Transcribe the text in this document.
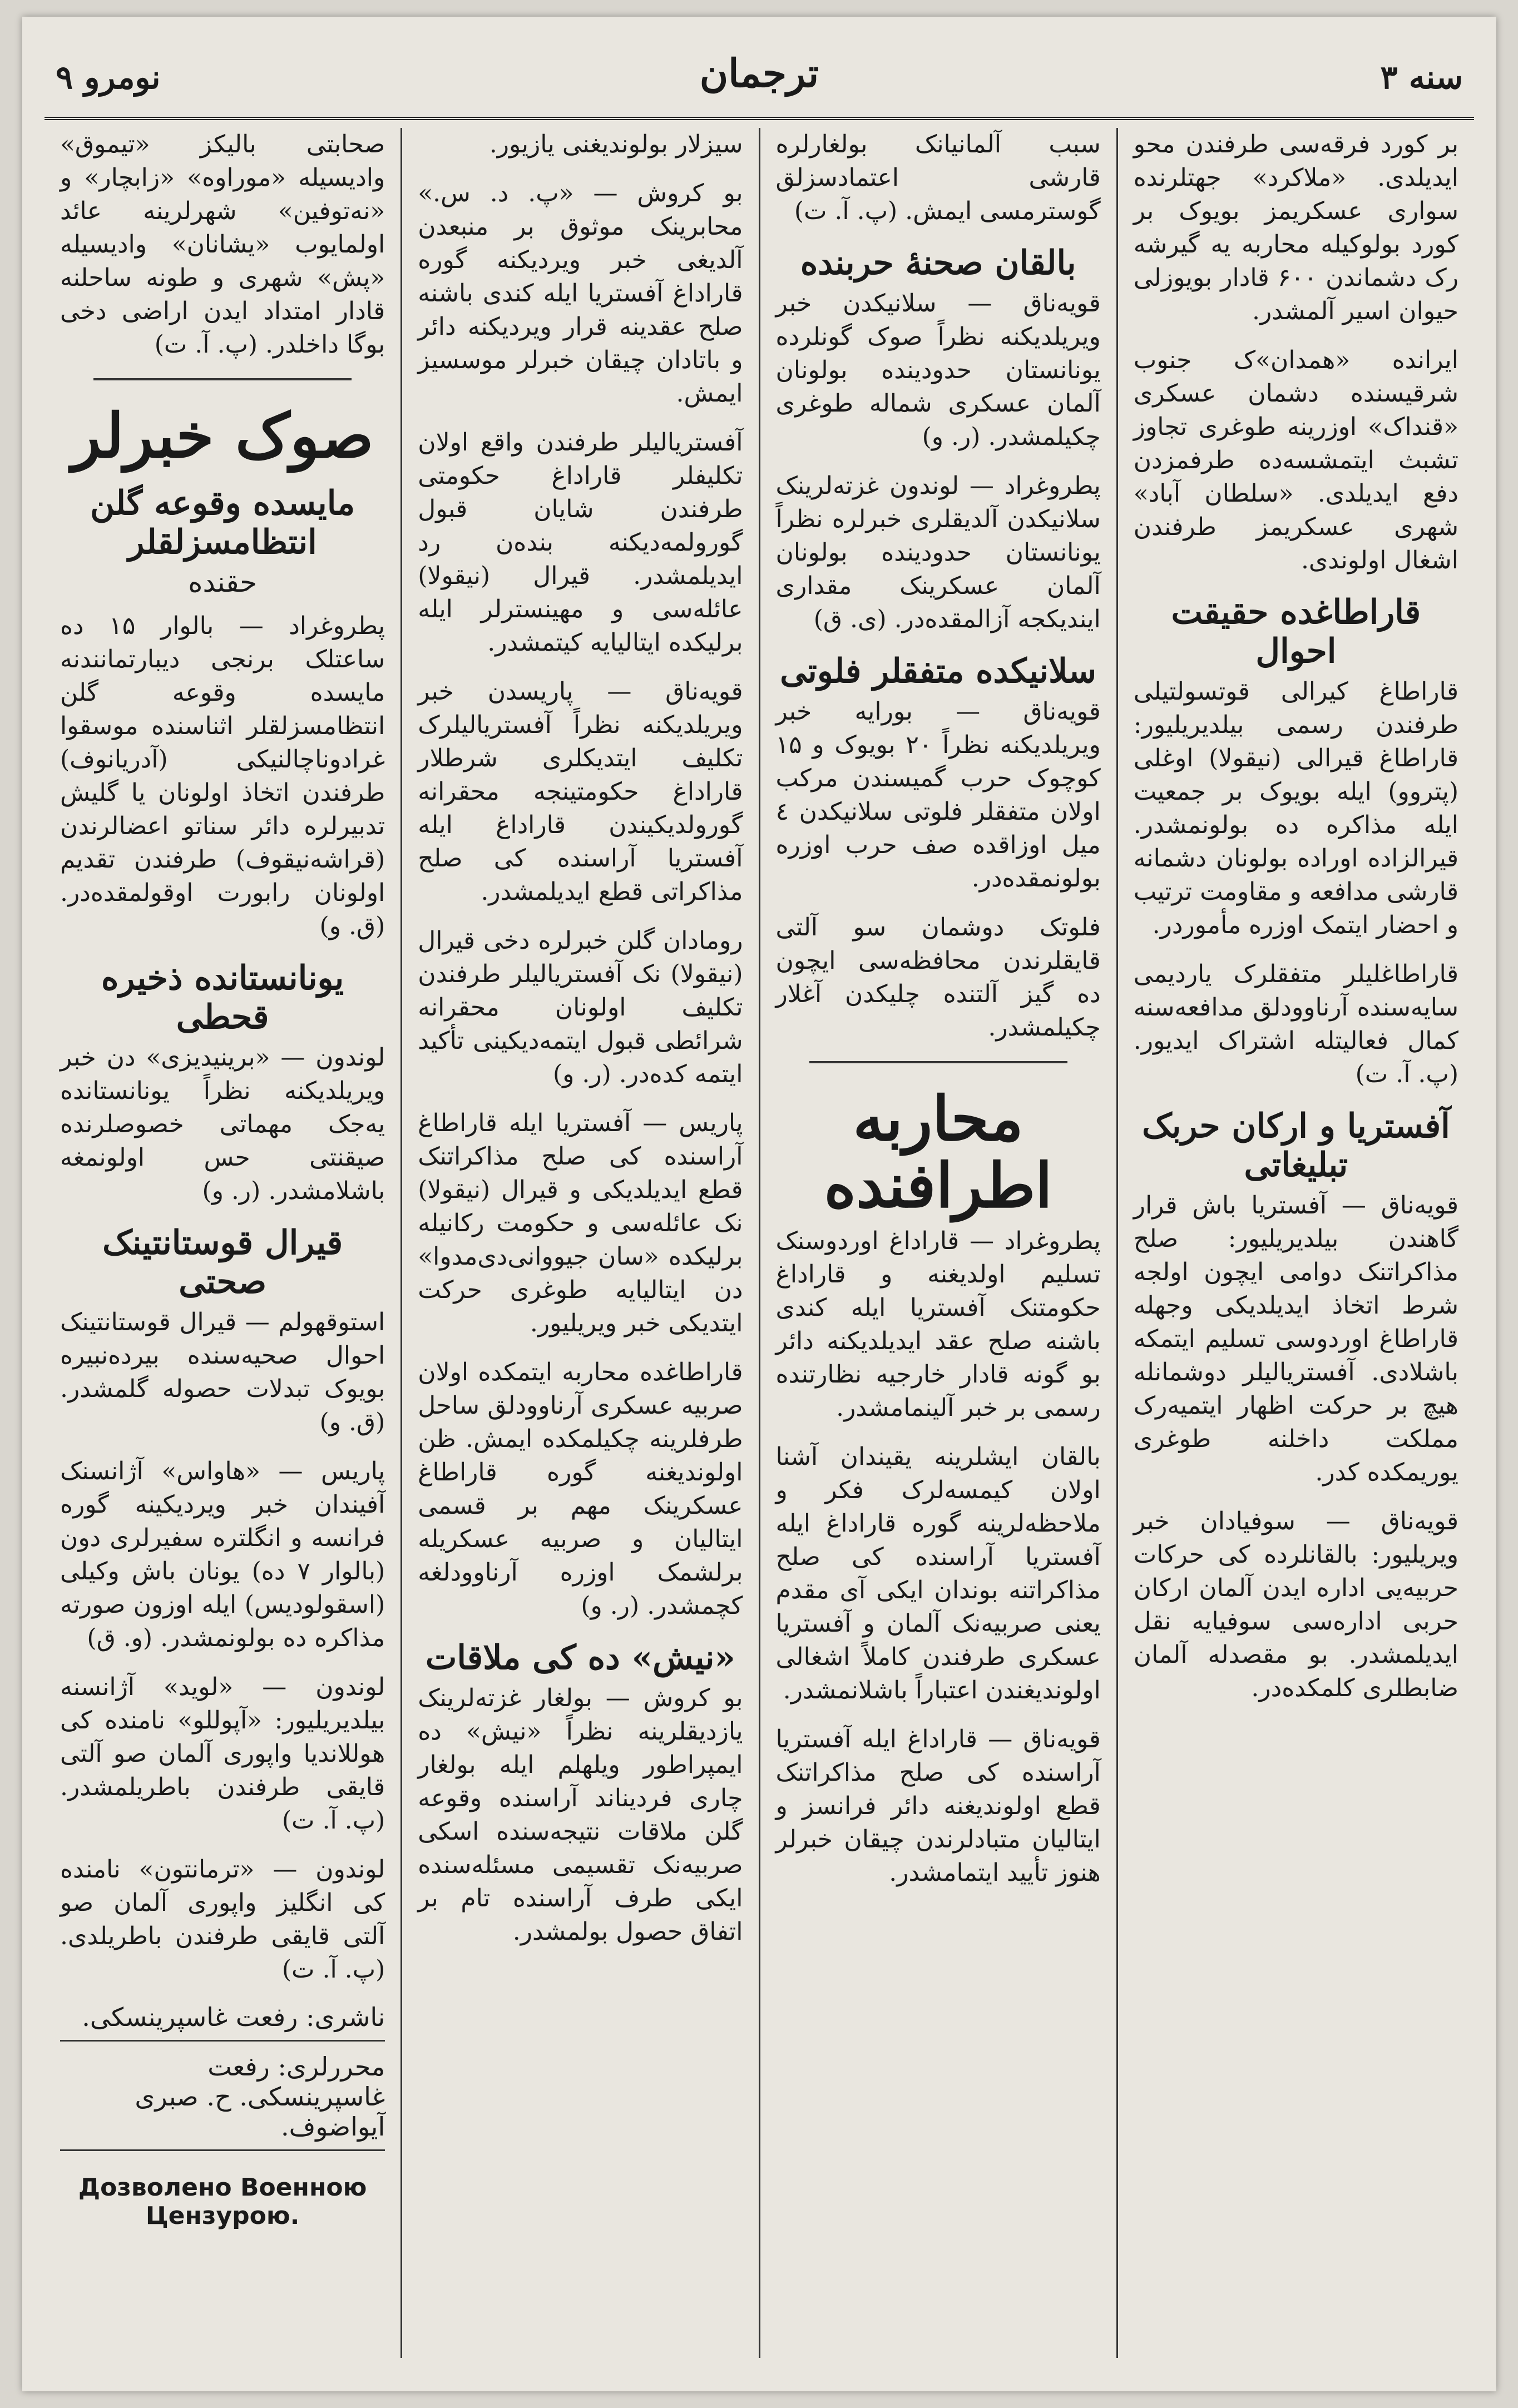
سنه ۳
ترجمان
نومرو ۹

بر کورد فرقه‌سی طرفندن محو ایدیلدی. «ملاکرد» جهتلرنده سواری عسکریمز بویوک بر کورد بولوکیله محاربه یه گیرشه رک دشماندن ۶۰۰ قادار بویوزلی حیوان اسیر آلمشدر.

ایرانده «همدان»ک جنوب شرقیسنده دشمان عسکری «قنداک» اوزرینه طوغری تجاوز تشبث ایتمشسه‌ده طرفمزدن دفع ایدیلدی. «سلطان آباد» شهری عسکریمز طرفندن اشغال اولوندی.

قاراطاغده حقیقت احوال

قاراطاغ کیرالی قوتسولتیلی طرفندن رسمی بیلدیریلیور: قاراطاغ قیرالی (نیقولا) اوغلی (پتروو) ایله بویوک بر جمعیت ایله مذاکره ده بولونمشدر. قیرالزاده اوراده بولونان دشمانه قارشی مدافعه و مقاومت ترتیب و احضار ایتمک اوزره مأموردر.

قاراطاغلیلر متفقلرک یاردیمی سایه‌سنده آرناوودلق مدافعه‌سنه کمال فعالیتله اشتراک ایدیور. (پ. آ. ت)

آفستریا و ارکان حربک تبلیغاتی

قویه‌ناق — آفستریا باش قرار گاهندن بیلدیریلیور: صلح مذاکراتنک دوامی ایچون اولجه شرط اتخاذ ایدیلدیکی وجهله قاراطاغ اوردوسی تسلیم ایتمکه باشلادی. آفستریالیلر دوشمانله هیچ بر حرکت اظهار ایتمیه‌رک مملکت داخلنه طوغری یوریمکده کدر.

قویه‌ناق — سوفیادان خبر ویریلیور: بالقانلرده کی حرکات حربیه‌یی اداره ایدن آلمان ارکان حربی اداره‌سی سوفیایه نقل ایدیلمشدر. بو مقصدله آلمان ضابطلری کلمکده‌در.

سبب آلمانیانک بولغارلره قارشی اعتمادسزلق گوسترمسی ایمش. (پ. آ. ت)

بالقان صحنهٔ حربنده

قویه‌ناق — سلانیکدن خبر ویریلدیکنه نظراً صوک گونلرده یونانستان حدودینده بولونان آلمان عسکری شماله طوغری چکیلمشدر. (ر. و)

پطروغراد — لوندون غزته‌لرینک سلانیکدن آلدیقلری خبرلره نظراً یونانستان حدودینده بولونان آلمان عسکرینک مقداری ایندیکجه آزالمقده‌در. (ی. ق)

سلانیکده متفقلر فلوتی

قویه‌ناق — بورایه خبر ویریلدیکنه نظراً ۲۰ بویوک و ۱۵ کوچوک حرب گمیسندن مرکب اولان متفقلر فلوتی سلانیکدن ٤ میل اوزاقده صف حرب اوزره بولونمقده‌در.

فلوتک دوشمان سو آلتی قایقلرندن محافظه‌سی ایچون ده گیز آلتنده چلیکدن آغلار چکیلمشدر.

محاربه اطرافنده

پطروغراد — قاراداغ اوردوسنک تسلیم اولدیغنه و قاراداغ حکومتنک آفستریا ایله کندی باشنه صلح عقد ایدیلدیکنه دائر بو گونه قادار خارجیه نظارتنده رسمی بر خبر آلینمامشدر.

بالقان ایشلرینه یقیندان آشنا اولان کیمسه‌لرک فکر و ملاحظه‌لرینه گوره قاراداغ ایله آفستریا آراسنده کی صلح مذاکراتنه بوندان ایکی آی مقدم یعنی صربیه‌نک آلمان و آفستریا عسکری طرفندن کاملاً اشغالی اولوندیغندن اعتباراً باشلانمشدر.

قویه‌ناق — قاراداغ ایله آفستریا آراسنده کی صلح مذاکراتنک قطع اولوندیغنه دائر فرانسز و ایتالیان متبادلرندن چیقان خبرلر هنوز تأیید ایتمامشدر.

سیزلار بولوندیغنی یازیور.

بو کروش — «پ. د. س.» محابرینک موثوق بر منبعدن آلدیغی خبر ویردیکنه گوره قاراداغ آفستریا ایله کندی باشنه صلح عقدینه قرار ویردیکنه دائر و باتادان چیقان خبرلر موسسیز ایمش.

آفستریالیلر طرفندن واقع اولان تکلیفلر قاراداغ حکومتی طرفندن شایان قبول گورولمه‌دیکنه بنده‌ن رد ایدیلمشدر. قیرال (نیقولا) عائله‌سی و مهینسترلر ایله برلیکده ایتالیایه کیتمشدر.

قویه‌ناق — پاریسدن خبر ویریلدیکنه نظراً آفستریالیلرک تکلیف ایتدیکلری شرطلار قاراداغ حکومتینجه محقرانه گورولدیکیندن قاراداغ ایله آفستریا آراسنده کی صلح مذاکراتی قطع ایدیلمشدر.

رومادان گلن خبرلره دخی قیرال (نیقولا) نک آفستریالیلر طرفندن تکلیف اولونان محقرانه شرائطی قبول ایتمه‌دیکینی تأکید ایتمه کده‌در. (ر. و)

پاریس — آفستریا ایله قاراطاغ آراسنده کی صلح مذاکراتنک قطع ایدیلدیکی و قیرال (نیقولا) نک عائله‌سی و حکومت رکانیله برلیکده «سان جیووانی‌دی‌مدوا» دن ایتالیایه طوغری حرکت ایتدیکی خبر ویریلیور.

قاراطاغده محاربه ایتمکده اولان صربیه عسکری آرناوودلق ساحل طرفلرینه چکیلمکده ایمش. ظن اولوندیغنه گوره قاراطاغ عسکرینک مهم بر قسمی ایتالیان و صربیه عسکریله برلشمک اوزره آرناوودلغه کچمشدر. (ر. و)

«نیش» ده کی ملاقات

بو کروش — بولغار غزته‌لرینک یازدیقلرینه نظراً «نیش» ده ایمپراطور ویلهلم ایله بولغار چاری فردیناند آراسنده وقوعه گلن ملاقات نتیجه‌سنده اسکی صربیه‌نک تقسیمی مسئله‌سنده ایکی طرف آراسنده تام بر اتفاق حصول بولمشدر.

صحابتی بالیکز «تیموق» وادیسیله «موراوه» «زابچار» و «نه‌توفین» شهرلرینه عائد اولمایوب «یشانان» وادیسیله «پش» شهری و طونه ساحلنه قادار امتداد ایدن اراضی دخی بوگا داخلدر. (پ. آ. ت)

صوک خبرلر
مایسده وقوعه گلن انتظامسزلقلر
حقنده

پطروغراد — بالوار ۱۵ ده ساعتلک برنجی دیبارتمانندنه مایسده وقوعه گلن انتظامسزلقلر اثناسنده موسقوا غرادوناچالنیکی (آدریانوف) طرفندن اتخاذ اولونان یا گلیش تدبیرلره دائر سناتو اعضالرندن (قراشه‌نیقوف) طرفندن تقدیم اولونان رابورت اوقولمقده‌در. (ق. و)

یونانستانده ذخیره قحطی

لوندون — «برینیدیزی» دن خبر ویریلدیکنه نظراً یونانستانده یه‌جک مهماتی خصوصلرنده صیقنتی حس اولونمغه باشلامشدر. (ر. و)

قیرال قوستانتینک صحتی

استوقهولم — قیرال قوستانتینک احوال صحیه‌سنده بیرده‌نبیره بویوک تبدلات حصوله گلمشدر. (ق. و)

پاریس — «هاواس» آژانسنک آفیندان خبر ویردیکینه گوره فرانسه و انگلتره سفیرلری دون (بالوار ۷ ده) یونان باش وکیلی (اسقولودیس) ایله اوزون صورته مذاکره ده بولونمشدر. (و. ق)

لوندون — «لوید» آژانسنه بیلدیریلیور: «آپوللو» نامنده کی هوللاندیا واپوری آلمان صو آلتی قایقی طرفندن باطریلمشدر. (پ. آ. ت)

لوندون — «ترمانتون» نامنده کی انگلیز واپوری آلمان صو آلتی قایقی طرفندن باطریلدی. (پ. آ. ت)

ناشری: رفعت غاسپرینسکی.
محررلری: رفعت غاسپرینسکی. ح. صبری آیواضوف.
Дозволено Военною Цензурою.
